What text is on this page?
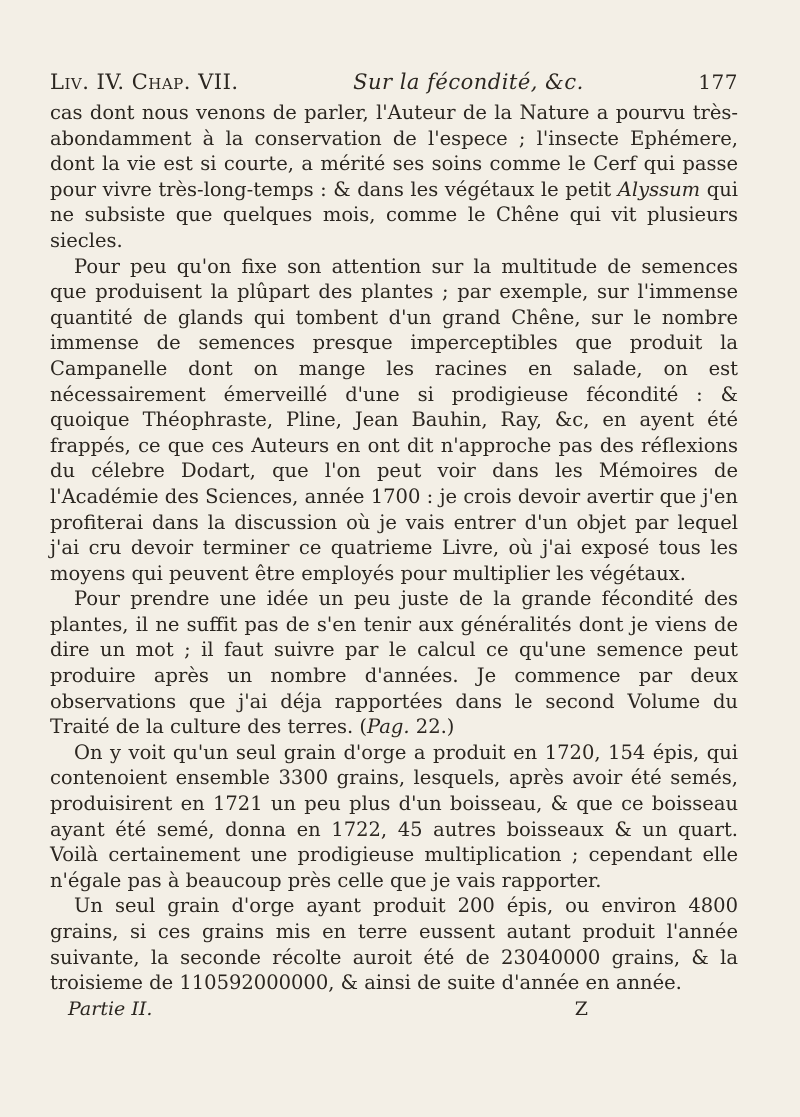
Liv. IV. Chap. VII.	Sur la fécondité, &c.	177

cas dont nous venons de parler, l'Auteur de la Nature a pourvu très-abondamment à la conservation de l'espece ; l'insecte Ephémere, dont la vie est si courte, a mérité ses soins comme le Cerf qui passe pour vivre très-long-temps : & dans les végétaux le petit Alyssum qui ne subsiste que quelques mois, comme le Chêne qui vit plusieurs siecles.

Pour peu qu'on fixe son attention sur la multitude de semences que produisent la plûpart des plantes ; par exemple, sur l'immense quantité de glands qui tombent d'un grand Chêne, sur le nombre immense de semences presque imperceptibles que produit la Campanelle dont on mange les racines en salade, on est nécessairement émerveillé d'une si prodigieuse fécondité : & quoique Théophraste, Pline, Jean Bauhin, Ray, &c, en ayent été frappés, ce que ces Auteurs en ont dit n'approche pas des réflexions du célebre Dodart, que l'on peut voir dans les Mémoires de l'Académie des Sciences, année 1700 : je crois devoir avertir que j'en profiterai dans la discussion où je vais entrer d'un objet par lequel j'ai cru devoir terminer ce quatrieme Livre, où j'ai exposé tous les moyens qui peuvent être employés pour multiplier les végétaux.

Pour prendre une idée un peu juste de la grande fécondité des plantes, il ne suffit pas de s'en tenir aux généralités dont je viens de dire un mot ; il faut suivre par le calcul ce qu'une semence peut produire après un nombre d'années. Je commence par deux observations que j'ai déja rapportées dans le second Volume du Traité de la culture des terres. (Pag. 22.)

On y voit qu'un seul grain d'orge a produit en 1720, 154 épis, qui contenoient ensemble 3300 grains, lesquels, après avoir été semés, produisirent en 1721 un peu plus d'un boisseau, & que ce boisseau ayant été semé, donna en 1722, 45 autres boisseaux & un quart. Voilà certainement une prodigieuse multiplication ; cependant elle n'égale pas à beaucoup près celle que je vais rapporter.

Un seul grain d'orge ayant produit 200 épis, ou environ 4800 grains, si ces grains mis en terre eussent autant produit l'année suivante, la seconde récolte auroit été de 23040000 grains, & la troisieme de 110592000000, & ainsi de suite d'année en année.

Partie II.	Z
